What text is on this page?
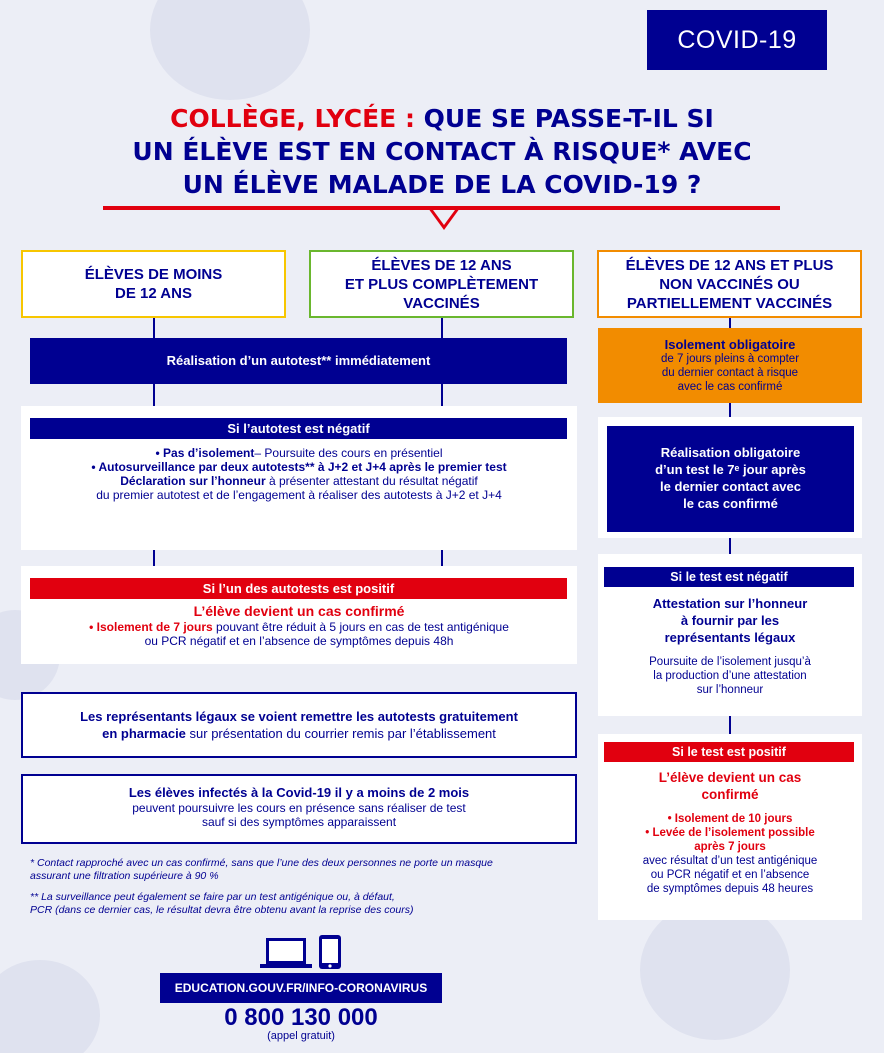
COVID-19
COLLÈGE, LYCÉE : QUE SE PASSE-T-IL SI
UN ÉLÈVE EST EN CONTACT À RISQUE* AVEC
UN ÉLÈVE MALADE DE LA COVID-19 ?
ÉLÈVES DE MOINS
DE 12 ANS
ÉLÈVES DE 12 ANS
ET PLUS COMPLÈTEMENT
VACCINÉS
ÉLÈVES DE 12 ANS ET PLUS
NON VACCINÉS OU
PARTIELLEMENT VACCINÉS
Réalisation d’un autotest** immédiatement
Si l’autotest est négatif
• Pas d’isolement– Poursuite des cours en présentiel
• Autosurveillance par deux autotests** à J+2 et J+4 après le premier test
Déclaration sur l’honneur à présenter attestant du résultat négatif
du premier autotest et de l’engagement à réaliser des autotests à J+2 et J+4
Si l’un des autotests est positif
L’élève devient un cas confirmé
• Isolement de 7 jours pouvant être réduit à 5 jours en cas de test antigénique
ou PCR négatif et en l’absence de symptômes depuis 48h
Les représentants légaux se voient remettre les autotests gratuitement
en pharmacie sur présentation du courrier remis par l’établissement
Les élèves infectés à la Covid-19 il y a moins de 2 mois
peuvent poursuivre les cours en présence sans réaliser de test
sauf si des symptômes apparaissent
* Contact rapproché avec un cas confirmé, sans que l’une des deux personnes ne porte un masque
assurant une filtration supérieure à 90 %
** La surveillance peut également se faire par un test antigénique ou, à défaut,
PCR (dans ce dernier cas, le résultat devra être obtenu avant la reprise des cours)
Isolement obligatoire
de 7 jours pleins à compter
du dernier contact à risque
avec le cas confirmé
Réalisation obligatoire
d’un test le 7ᵉ jour après
le dernier contact avec
le cas confirmé
Si le test est négatif
Attestation sur l’honneur
à fournir par les
représentants légaux
Poursuite de l’isolement jusqu’à
la production d’une attestation
sur l’honneur
Si le test est positif
L’élève devient un cas
confirmé
• Isolement de 10 jours
• Levée de l’isolement possible
après 7 jours
avec résultat d’un test antigénique
ou PCR négatif et en l’absence
de symptômes depuis 48 heures
EDUCATION.GOUV.FR/INFO-CORONAVIRUS
0 800 130 000
(appel gratuit)
